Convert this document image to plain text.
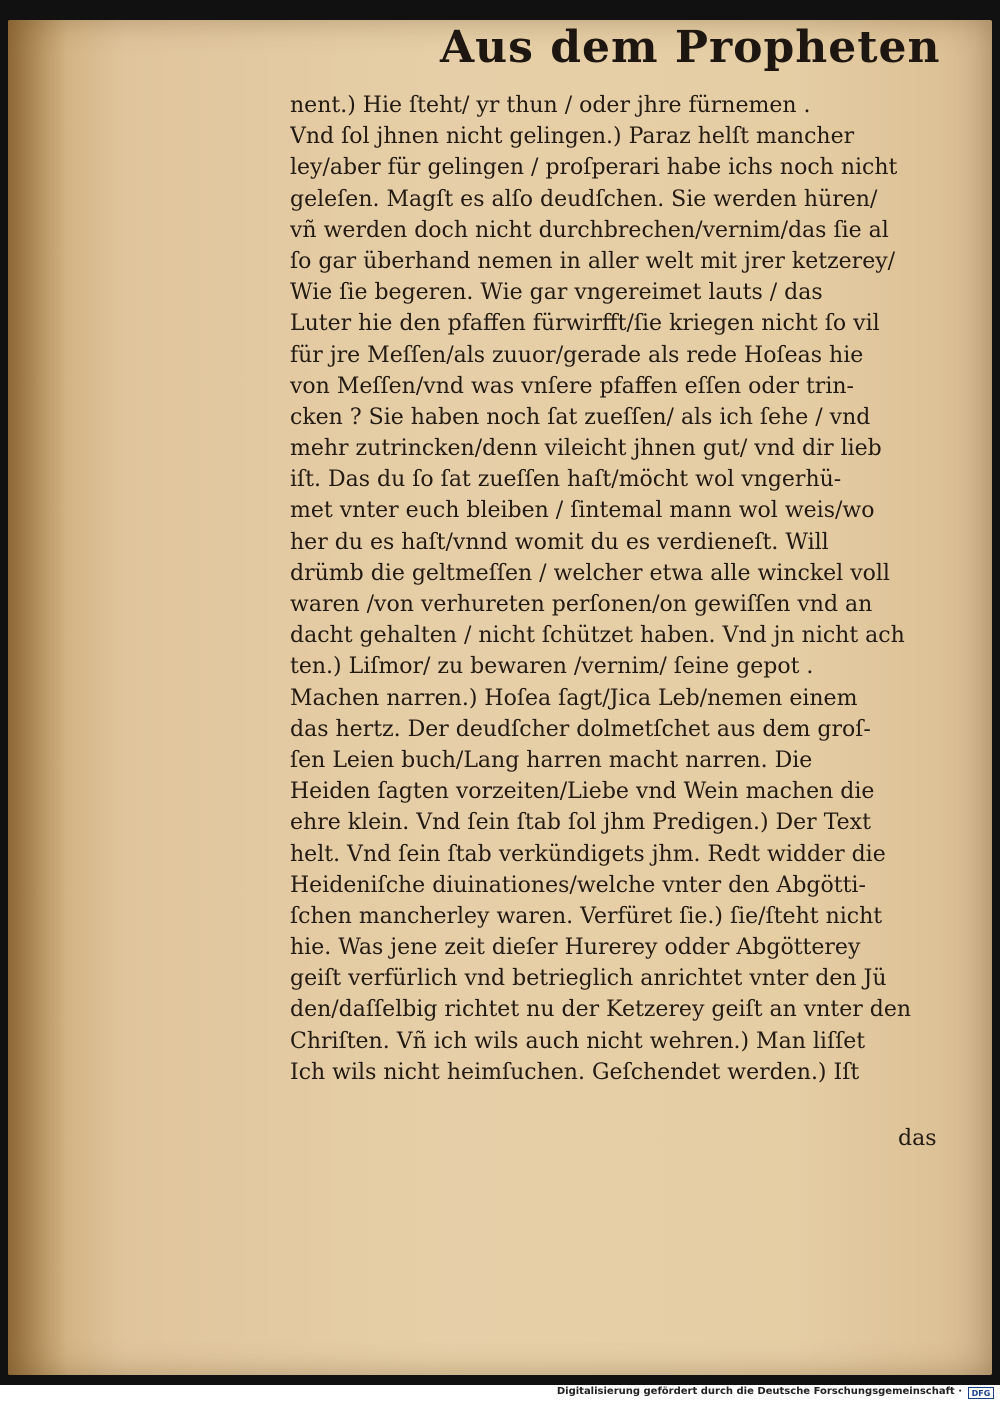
Aus dem Propheten
nent.) Hie ſteht/ yr thun / oder jhre fürnemen .
Vnd ſol jhnen nicht gelingen.) Paraz helſt mancher
ley/aber für gelingen / proſperari habe ichs noch nicht
geleſen. Magſt es alſo deudſchen. Sie werden hüren/
vñ werden doch nicht durchbrechen/vernim/das ſie al
ſo gar überhand nemen in aller welt mit jrer ketzerey/
Wie ſie begeren. Wie gar vngereimet lauts / das
Luter hie den pfaffen fürwirfft/ſie kriegen nicht ſo vil
für jre Meſſen/als zuuor/gerade als rede Hoſeas hie
von Meſſen/vnd was vnſere pfaffen eſſen oder trin-
cken ? Sie haben noch ſat zueſſen/ als ich ſehe / vnd
mehr zutrincken/denn vileicht jhnen gut/ vnd dir lieb
iſt. Das du ſo ſat zueſſen haſt/möcht wol vngerhü-
met vnter euch bleiben / ſintemal mann wol weis/wo
her du es haſt/vnnd womit du es verdieneſt. Will
drümb die geltmeſſen / welcher etwa alle winckel voll
waren /von verhureten perſonen/on gewiſſen vnd an
dacht gehalten / nicht ſchützet haben. Vnd jn nicht ach
ten.) Liſmor/ zu bewaren /vernim/ ſeine gepot .
Machen narren.) Hoſea ſagt/Jica Leb/nemen einem
das hertz. Der deudſcher dolmetſchet aus dem groſ-
ſen Leien buch/Lang harren macht narren. Die
Heiden ſagten vorzeiten/Liebe vnd Wein machen die
ehre klein. Vnd ſein ſtab ſol jhm Predigen.) Der Text
helt. Vnd ſein ſtab verkündigets jhm. Redt widder die
Heideniſche diuinationes/welche vnter den Abgötti-
ſchen mancherley waren. Verfüret ſie.) ſie/ſteht nicht
hie. Was jene zeit dieſer Hurerey odder Abgötterey
geiſt verfürlich vnd betrieglich anrichtet vnter den Jü
den/daſſelbig richtet nu der Ketzerey geiſt an vnter den
Chriſten. Vñ ich wils auch nicht wehren.) Man liſſet
Ich wils nicht heimſuchen. Geſchendet werden.) Iſt
das
Digitalisierung gefördert durch die Deutsche Forschungsgemeinschaft ·	DFG
